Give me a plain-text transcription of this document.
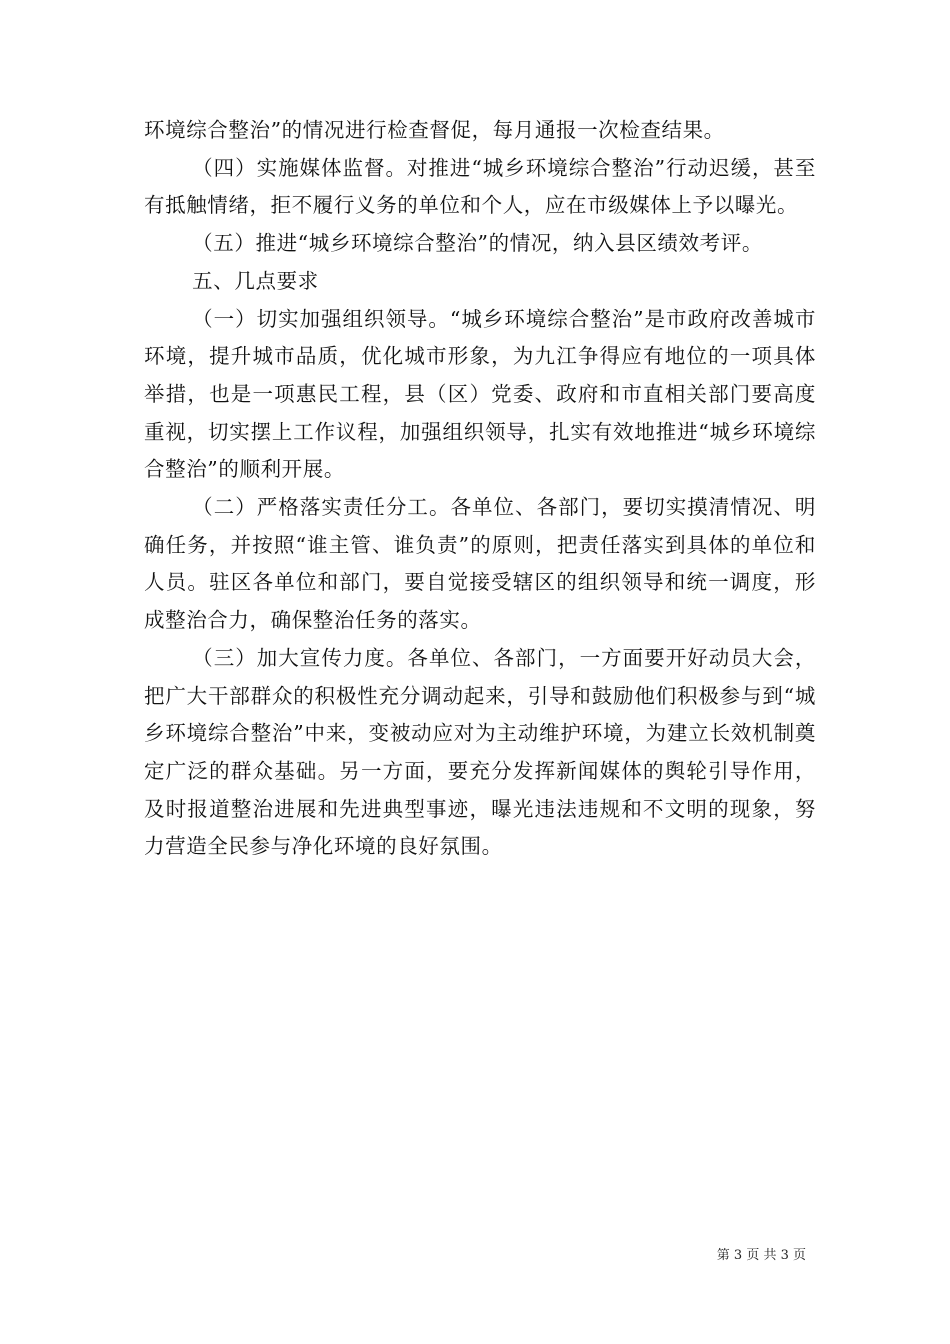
环境综合整治”的情况进行检查督促，每月通报一次检查结果。

（四）实施媒体监督。对推进“城乡环境综合整治”行动迟缓，甚至有抵触情绪，拒不履行义务的单位和个人，应在市级媒体上予以曝光。

（五）推进“城乡环境综合整治”的情况，纳入县区绩效考评。

五、几点要求

（一）切实加强组织领导。“城乡环境综合整治”是市政府改善城市环境，提升城市品质，优化城市形象，为九江争得应有地位的一项具体举措，也是一项惠民工程，县（区）党委、政府和市直相关部门要高度重视，切实摆上工作议程，加强组织领导，扎实有效地推进“城乡环境综合整治”的顺利开展。

（二）严格落实责任分工。各单位、各部门，要切实摸清情况、明确任务，并按照“谁主管、谁负责”的原则，把责任落实到具体的单位和人员。驻区各单位和部门，要自觉接受辖区的组织领导和统一调度，形成整治合力，确保整治任务的落实。

（三）加大宣传力度。各单位、各部门，一方面要开好动员大会，把广大干部群众的积极性充分调动起来，引导和鼓励他们积极参与到“城乡环境综合整治”中来，变被动应对为主动维护环境，为建立长效机制奠定广泛的群众基础。另一方面，要充分发挥新闻媒体的舆轮引导作用，及时报道整治进展和先进典型事迹，曝光违法违规和不文明的现象，努力营造全民参与净化环境的良好氛围。

第 3 页 共 3 页
